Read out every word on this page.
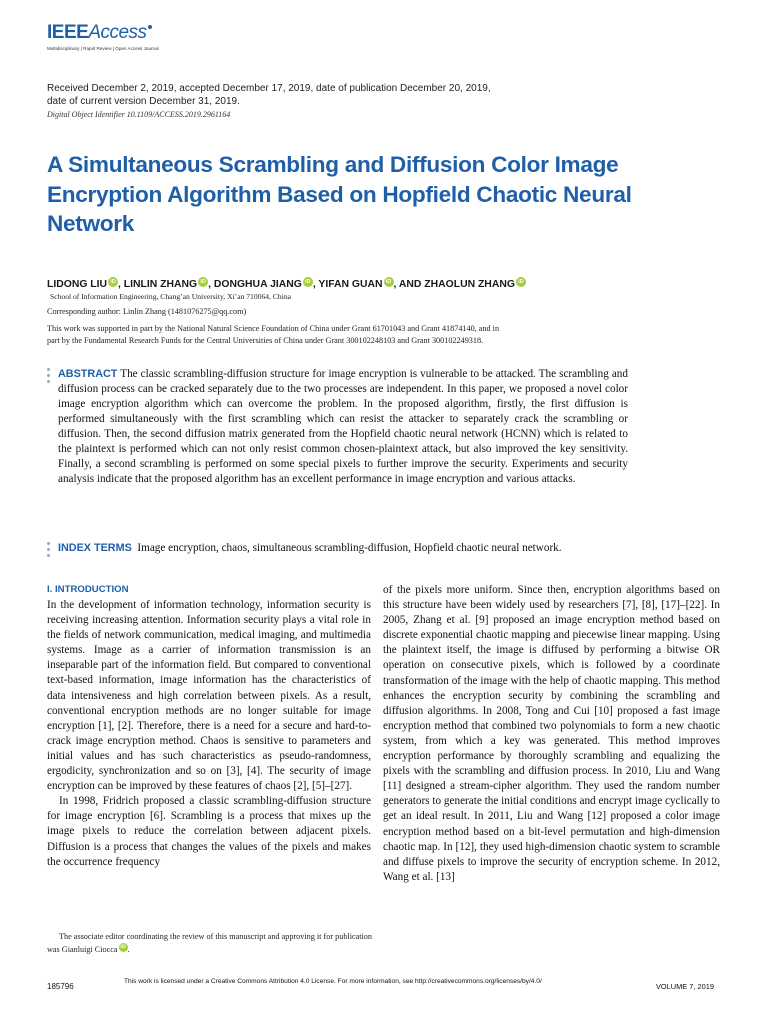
IEEEAccess
Multidisciplinary | Rapid Review | Open Access Journal
Received December 2, 2019, accepted December 17, 2019, date of publication December 20, 2019,
date of current version December 31, 2019.
Digital Object Identifier 10.1109/ACCESS.2019.2961164
A Simultaneous Scrambling and Diffusion Color Image Encryption Algorithm Based on Hopfield Chaotic Neural Network
LIDONG LIU iD , LINLIN ZHANG iD , DONGHUA JIANG iD , YIFAN GUAN iD , AND ZHAOLUN ZHANG iD
School of Information Engineering, Chang’an University, Xi’an 710064, China
Corresponding author: Linlin Zhang (1481076275@qq.com)
This work was supported in part by the National Natural Science Foundation of China under Grant 61701043 and Grant 41874140, and in
part by the Fundamental Research Funds for the Central Universities of China under Grant 300102248103 and Grant 300102249318.
ABSTRACT The classic scrambling-diffusion structure for image encryption is vulnerable to be attacked. The scrambling and diffusion process can be cracked separately due to the two processes are independent. In this paper, we proposed a novel color image encryption algorithm which can overcome the problem. In the proposed algorithm, firstly, the first diffusion is performed simultaneously with the first scrambling which can resist the attacker to separately crack the scrambling or diffusion. Then, the second diffusion matrix generated from the Hopfield chaotic neural network (HCNN) which is related to the plaintext is performed which can not only resist common chosen-plaintext attack, but also improved the key sensitivity. Finally, a second scrambling is performed on some special pixels to further improve the security. Experiments and security analysis indicate that the proposed algorithm has an excellent performance in image encryption and various attacks.
INDEX TERMS Image encryption, chaos, simultaneous scrambling-diffusion, Hopfield chaotic neural network.
I. INTRODUCTION
In the development of information technology, information security is receiving increasing attention. Information security plays a vital role in the fields of network communication, medical imaging, and multimedia systems. Image as a carrier of information transmission is an inseparable part of the information field. But compared to conventional text-based information, image information has the characteristics of data intensiveness and high correlation between pixels. As a result, conventional encryption methods are no longer suitable for image encryption [1], [2]. Therefore, there is a need for a secure and hard-to-crack image encryption method. Chaos is sensitive to parameters and initial values and has such characteristics as pseudo-randomness, ergodicity, synchronization and so on [3], [4]. The security of image encryption can be improved by these features of chaos [2], [5]–[27].
In 1998, Fridrich proposed a classic scrambling-diffusion structure for image encryption [6]. Scrambling is a process that mixes up the image pixels to reduce the correlation between adjacent pixels. Diffusion is a process that changes the values of the pixels and makes the occurrence frequency
of the pixels more uniform. Since then, encryption algorithms based on this structure have been widely used by researchers [7], [8], [17]–[22]. In 2005, Zhang et al. [9] proposed an image encryption method based on discrete exponential chaotic mapping and piecewise linear mapping. Using the plaintext itself, the image is diffused by performing a bitwise OR operation on consecutive pixels, which is followed by a coordinate transformation of the image with the help of chaotic mapping. This method enhances the encryption security by combining the scrambling and diffusion algorithms. In 2008, Tong and Cui [10] proposed a fast image encryption method that combined two polynomials to form a new chaotic system, from which a key was generated. This method improves encryption performance by thoroughly scrambling and equalizing the pixels with the scrambling and diffusion process. In 2010, Liu and Wang [11] designed a stream-cipher algorithm. They used the random number generators to generate the initial conditions and encrypt image cyclically to get an ideal result. In 2011, Liu and Wang [12] proposed a color image encryption method based on a bit-level permutation and high-dimension chaotic map. In [12], they used high-dimension chaotic system to scramble and diffuse pixels to improve the security of encryption scheme. In 2012, Wang et al. [13]
The associate editor coordinating the review of this manuscript and approving it for publication was Gianluigi Ciocca iD .
185796
This work is licensed under a Creative Commons Attribution 4.0 License. For more information, see http://creativecommons.org/licenses/by/4.0/
VOLUME 7, 2019
